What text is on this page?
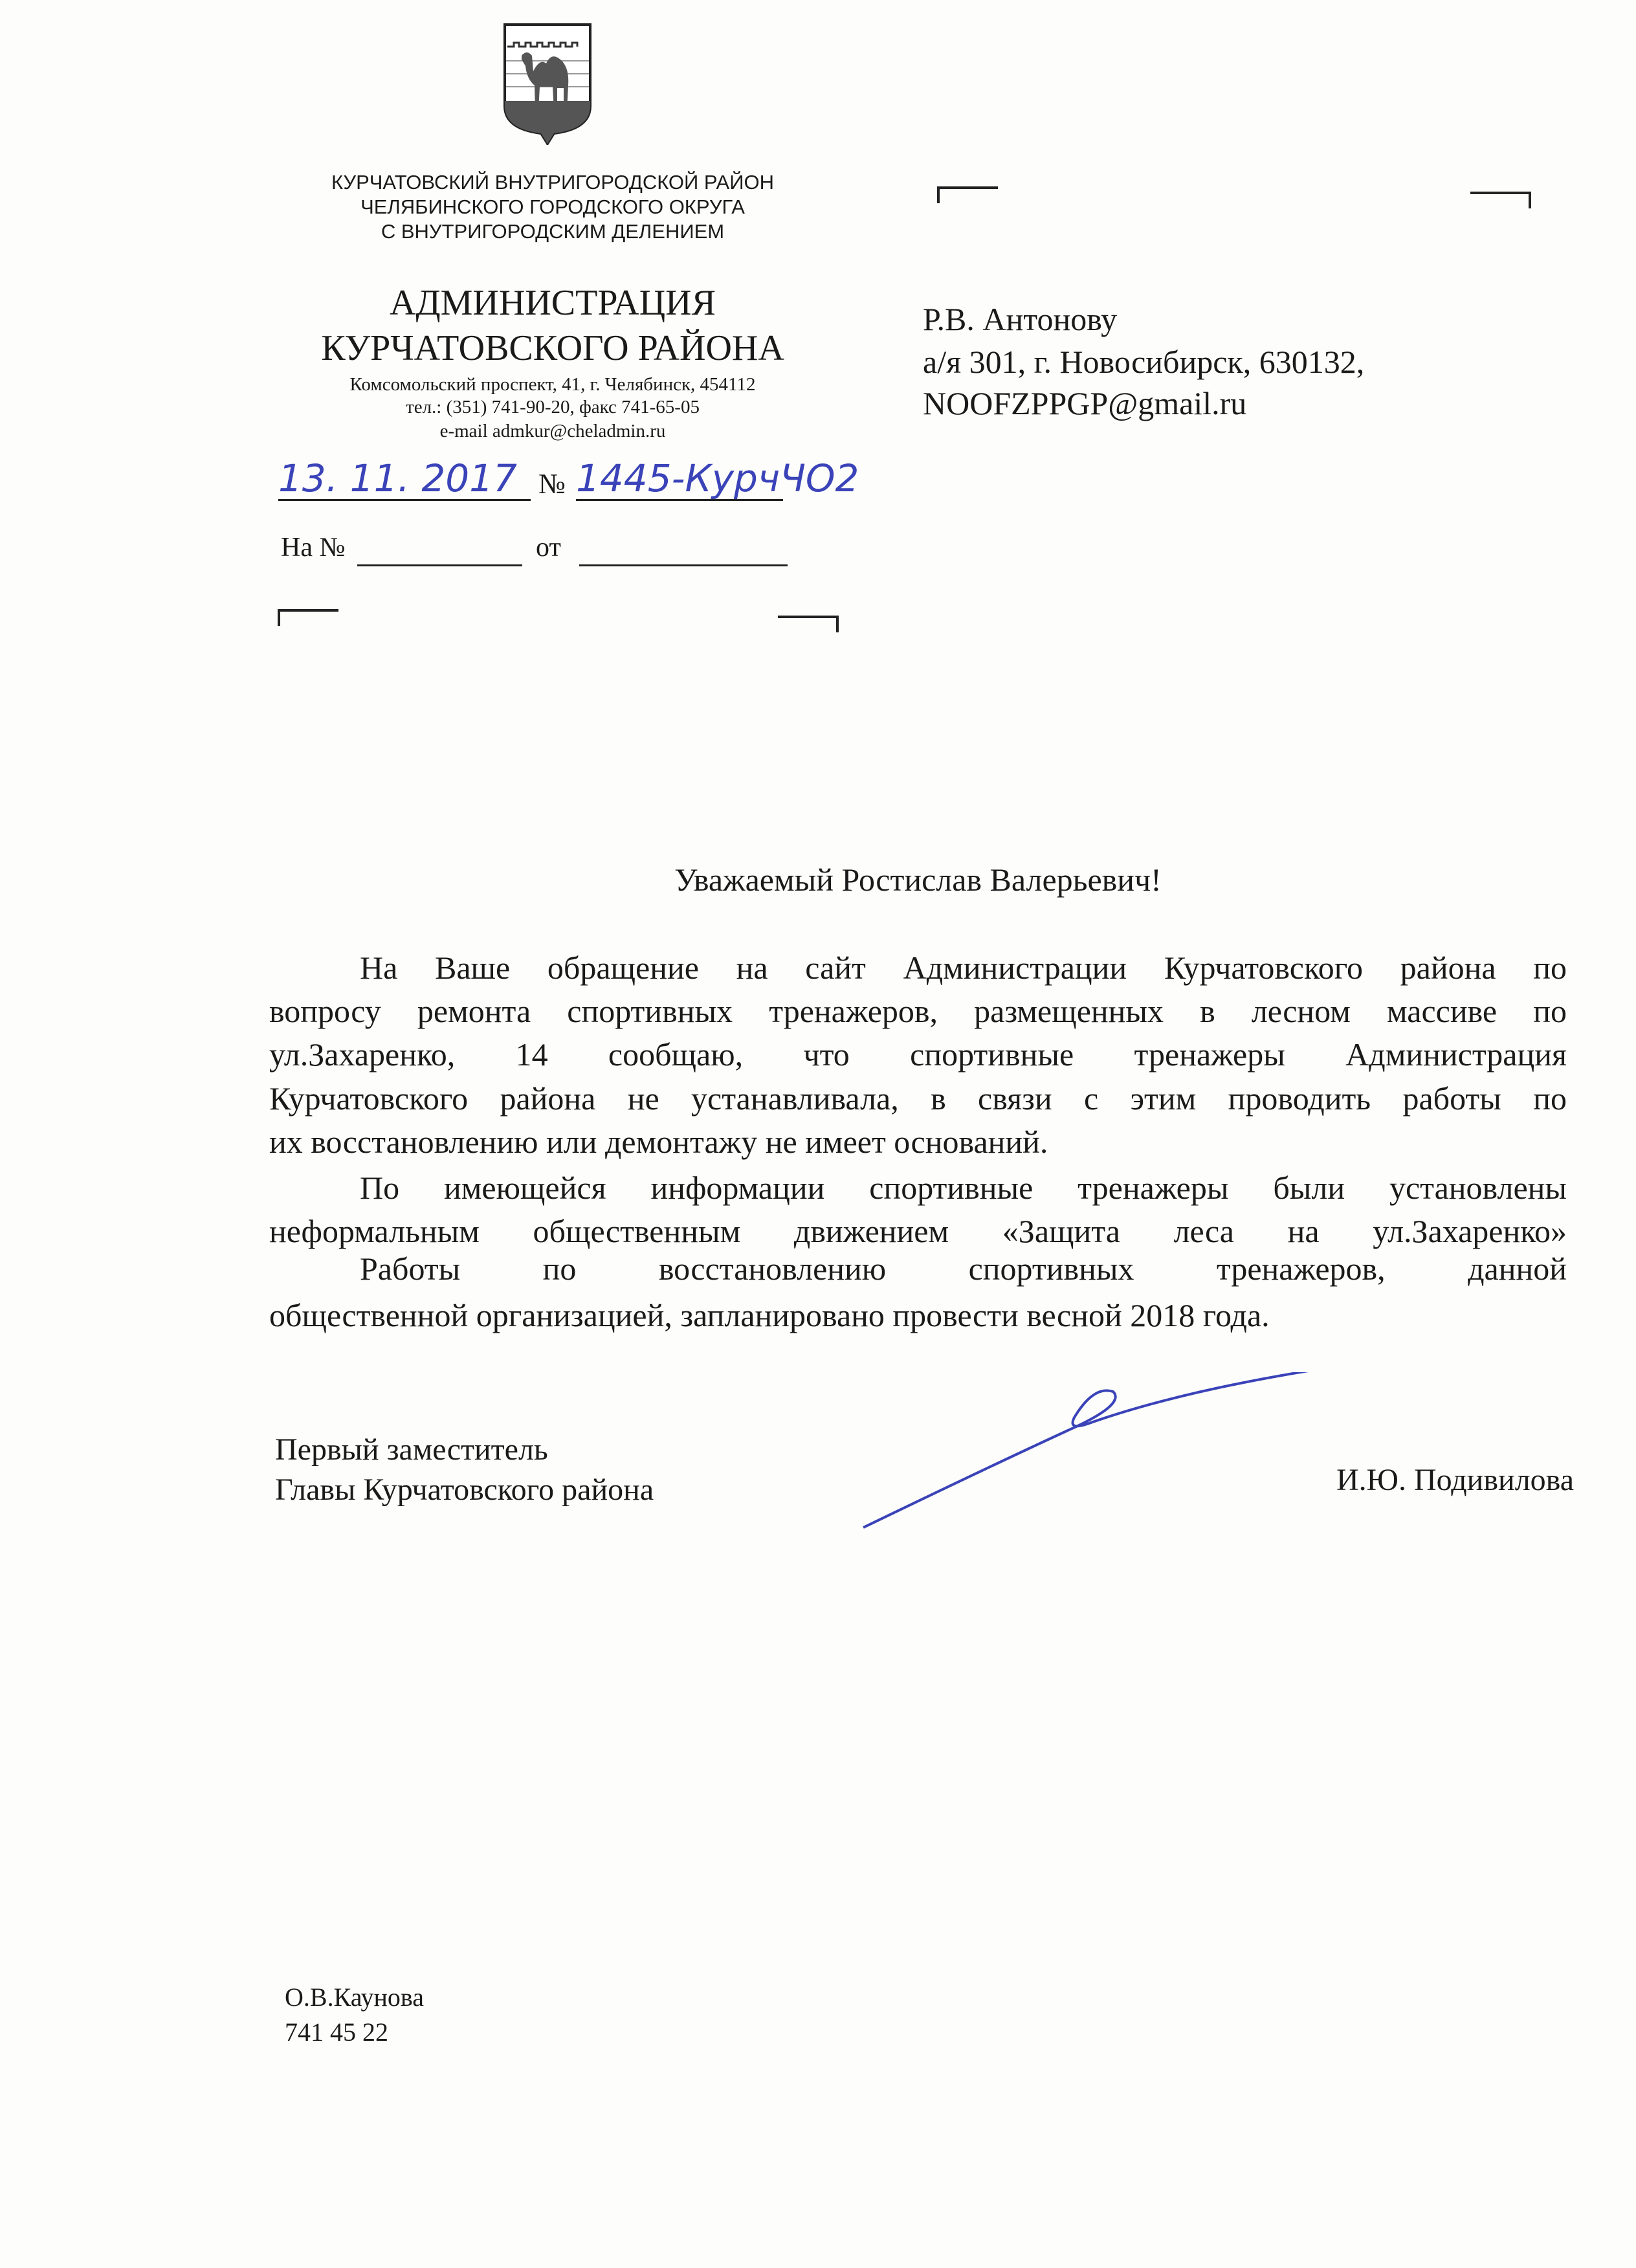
КУРЧАТОВСКИЙ ВНУТРИГОРОДСКОЙ РАЙОН
ЧЕЛЯБИНСКОГО ГОРОДСКОГО ОКРУГА
С ВНУТРИГОРОДСКИМ ДЕЛЕНИЕМ
АДМИНИСТРАЦИЯ
КУРЧАТОВСКОГО РАЙОНА
Комсомольский проспект, 41, г. Челябинск, 454112
тел.: (351) 741-90-20, факс 741-65-05
e-mail admkur@cheladmin.ru
13. 11. 2017 № 1445-КурчЧО2
На №	от
Р.В. Антонову
а/я 301, г. Новосибирск, 630132,
NOOFZPPGP@gmail.ru
Уважаемый Ростислав Валерьевич!
На Ваше обращение на сайт Администрации Курчатовского района по
вопросу ремонта спортивных тренажеров, размещенных в лесном массиве по
ул.Захаренко, 14 сообщаю, что спортивные тренажеры Администрация
Курчатовского района не устанавливала, в связи с этим проводить работы по
их восстановлению или демонтажу не имеет оснований.
По имеющейся информации спортивные тренажеры были установлены
неформальным общественным движением «Защита леса на ул.Захаренко»
Работы по восстановлению спортивных тренажеров, данной
общественной организацией, запланировано провести весной 2018 года.
Первый заместитель
Главы Курчатовского района	И.Ю. Подивилова
О.В.Каунова
741 45 22
